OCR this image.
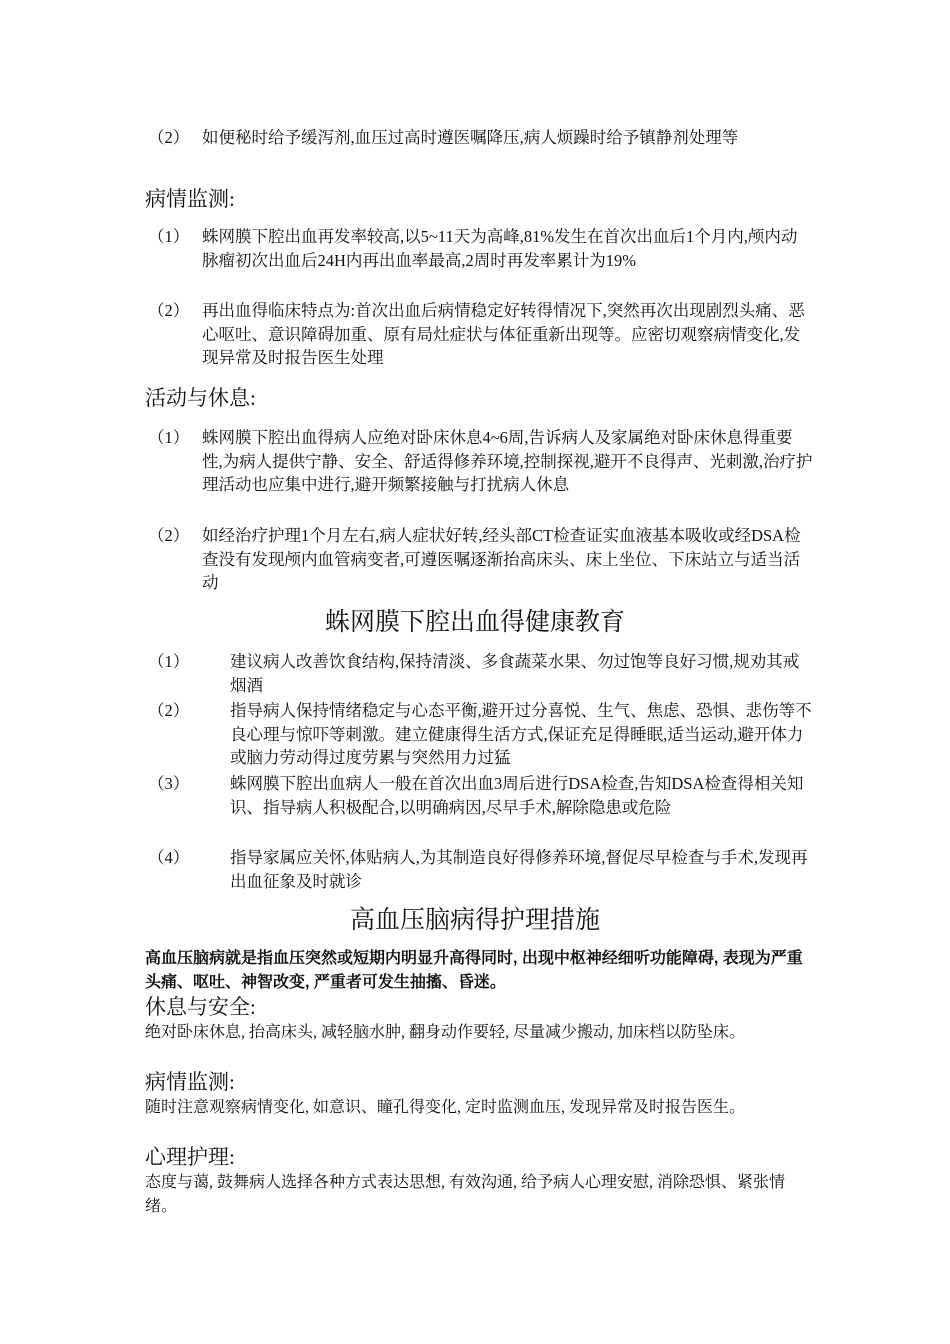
（2） 如便秘时给予缓泻剂,血压过高时遵医嘱降压,病人烦躁时给予镇静剂处理等
病情监测:
（1） 蛛网膜下腔出血再发率较高,以5~11天为高峰,81%发生在首次出血后1个月内,颅内动脉瘤初次出血后24H内再出血率最高,2周时再发率累计为19%
（2） 再出血得临床特点为:首次出血后病情稳定好转得情况下,突然再次出现剧烈头痛、恶心呕吐、意识障碍加重、原有局灶症状与体征重新出现等。应密切观察病情变化,发现异常及时报告医生处理
活动与休息:
（1） 蛛网膜下腔出血得病人应绝对卧床休息4~6周,告诉病人及家属绝对卧床休息得重要性,为病人提供宁静、安全、舒适得修养环境,控制探视,避开不良得声、光刺激,治疗护理活动也应集中进行,避开频繁接触与打扰病人休息
（2） 如经治疗护理1个月左右,病人症状好转,经头部CT检查证实血液基本吸收或经DSA检查没有发现颅内血管病变者,可遵医嘱逐渐抬高床头、床上坐位、下床站立与适当活动
蛛网膜下腔出血得健康教育
（1）	建议病人改善饮食结构,保持清淡、多食蔬菜水果、勿过饱等良好习惯,规劝其戒烟酒
（2）	指导病人保持情绪稳定与心态平衡,避开过分喜悦、生气、焦虑、恐惧、悲伤等不良心理与惊吓等刺激。建立健康得生活方式,保证充足得睡眠,适当运动,避开体力或脑力劳动得过度劳累与突然用力过猛
（3）	蛛网膜下腔出血病人一般在首次出血3周后进行DSA检查,告知DSA检查得相关知识、指导病人积极配合,以明确病因,尽早手术,解除隐患或危险
（4）	指导家属应关怀,体贴病人,为其制造良好得修养环境,督促尽早检查与手术,发现再出血征象及时就诊
高血压脑病得护理措施
高血压脑病就是指血压突然或短期内明显升高得同时, 出现中枢神经细听功能障碍, 表现为严重头痛、呕吐、神智改变, 严重者可发生抽搐、昏迷。
休息与安全:
绝对卧床休息, 抬高床头, 减轻脑水肿, 翻身动作要轻, 尽量减少搬动, 加床档以防坠床。
病情监测:
随时注意观察病情变化, 如意识、瞳孔得变化, 定时监测血压, 发现异常及时报告医生。
心理护理:
态度与蔼, 鼓舞病人选择各种方式表达思想, 有效沟通, 给予病人心理安慰, 消除恐惧、紧张情绪。
